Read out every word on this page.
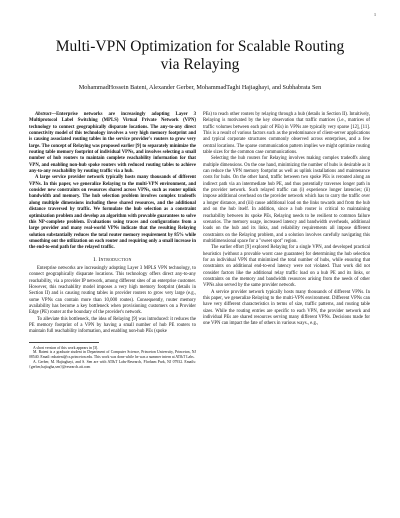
1
Multi-VPN Optimization for Scalable Routing
via Relaying
MohammadHossein Bateni, Alexander Gerber, MohammadTaghi Hajiaghayi, and Subhabrata Sen

Abstract—Enterprise networks are increasingly adopting Layer 3 Multiprotocol Label Switching (MPLS) Virtual Private Network (VPN) technology to connect geographically disparate locations. The any-to-any direct connectivity model of this technology involves a very high memory footprint and is causing associated routing tables in the service provider's routers to grow very large. The concept of Relaying was proposed earlier [9] to separately minimize the routing table memory footprint of individual VPNs, and involves selecting a small number of hub routers to maintain complete reachability information for that VPN, and enabling non-hub spoke routers with reduced routing tables to achieve any-to-any reachability by routing traffic via a hub.

A large service provider network typically hosts many thousands of different VPNs. In this paper, we generalize Relaying to the multi-VPN environment, and consider new constraints on resources shared across VPNs, such as router uplink bandwidth and memory. The hub selection problem involves complex tradeoffs along multiple dimensions including these shared resources, and the additional distance traversed by traffic. We formulate the hub selection as a constraint optimization problem and develop an algorithm with provable guarantees to solve this NP-complete problem. Evaluations using traces and configurations from a large provider and many real-world VPNs indicate that the resulting Relaying solution substantially reduces the total router memory requirement by 85% while smoothing out the utilization on each router and requiring only a small increase in the end-to-end path for the relayed traffic.

I. Introduction

Enterprise networks are increasingly adopting Layer 3 MPLS VPN technology, to connect geographically disparate locations. This technology offers direct any-to-any reachability, via a provider IP network, among different sites of an enterprise customer. However, this reachability model imposes a very high memory footprint (details in Section II) and is causing routing tables in provider routers to grow very large (e.g., some VPNs can contain more than 10,000 routes). Consequently, router memory availability has become a key bottleneck when provisioning customers on a Provider Edge (PE) router at the boundary of the provider's network.

To alleviate this bottleneck, the idea of Relaying [9] was introduced: it reduces the PE memory footprint of a VPN by having a small number of hub PE routers to maintain full reachability information, and enabling non-hub PEs (spoke

A short version of this work appears in [3].
M. Bateni is a graduate student in Department of Computer Science, Princeton University, Princeton, NJ 08540. Email: mbateni@cs.princeton.edu. This work was done while he was a summer intern at AT&T Labs.
A. Gerber, M. Hajiaghayi, and S. Sen are with AT&T Labs-Research, Florham Park, NJ 07932. Emails: {gerber,hajiagha,sen}@research.att.com

PEs) to reach other routers by relaying through a hub (details in Section II). Intuitively, Relaying is motivated by the key observation that traffic matrices (i.e., matrices of traffic volumes between each pair of PEs) in VPNs are typically very sparse [12], [11]. This is a result of various factors such as the predominance of client-server applications and typical corporate structures commonly observed across enterprises, and a few central locations. The sparse communication pattern implies we might optimize routing table sizes for the common case communications.

Selecting the hub routers for Relaying involves making complex tradeoffs along multiple dimensions. On the one hand, minimizing the number of hubs is desirable as it can reduce the VPN memory footprint as well as uplink installations and maintenance costs for hubs. On the other hand, traffic between two spoke PEs is rerouted along an indirect path via an intermediate hub PE, and thus potentially traverses longer path in the provider network. Such relayed traffic can (i) experience longer latencies; (ii) impose additional overhead on the provider network which has to carry the traffic over a longer distance, and (iii) cause additional load on the links towards and from the hub and on the hub itself. In addition, since a hub router is critical to maintaining reachability between its spoke PEs, Relaying needs to be resilient to common failure scenarios. The memory usage, increased latency and bandwidth overheads, additional loads on the hub and its links, and reliability requirements all impose different constraints on the Relaying problem, and a solution involves carefully navigating this multidimensional space for a "sweet spot" region.

The earlier effort [9] explored Relaying for a single VPN, and developed practical heuristics (without a provable worst case guarantee) for determining the hub selection for an individual VPN that minimized the total number of hubs, while ensuring that constraints on additional end-to-end latency were not violated. That work did not consider factors like the additional relay traffic load on a hub PE and its links, or constraints on the memory and bandwidth resources arising from the needs of other VPNs also served by the same provider network.

A service provider network typically hosts many thousands of different VPNs. In this paper, we generalize Relaying to the multi-VPN environment. Different VPNs can have very different characteristics in terms of size, traffic patterns, and routing table sizes. While the routing entries are specific to each VPN, the provider network and individual PEs are shared resources serving many different VPNs. Decisions made for one VPN can impact the fate of others in various ways., e.g.,
